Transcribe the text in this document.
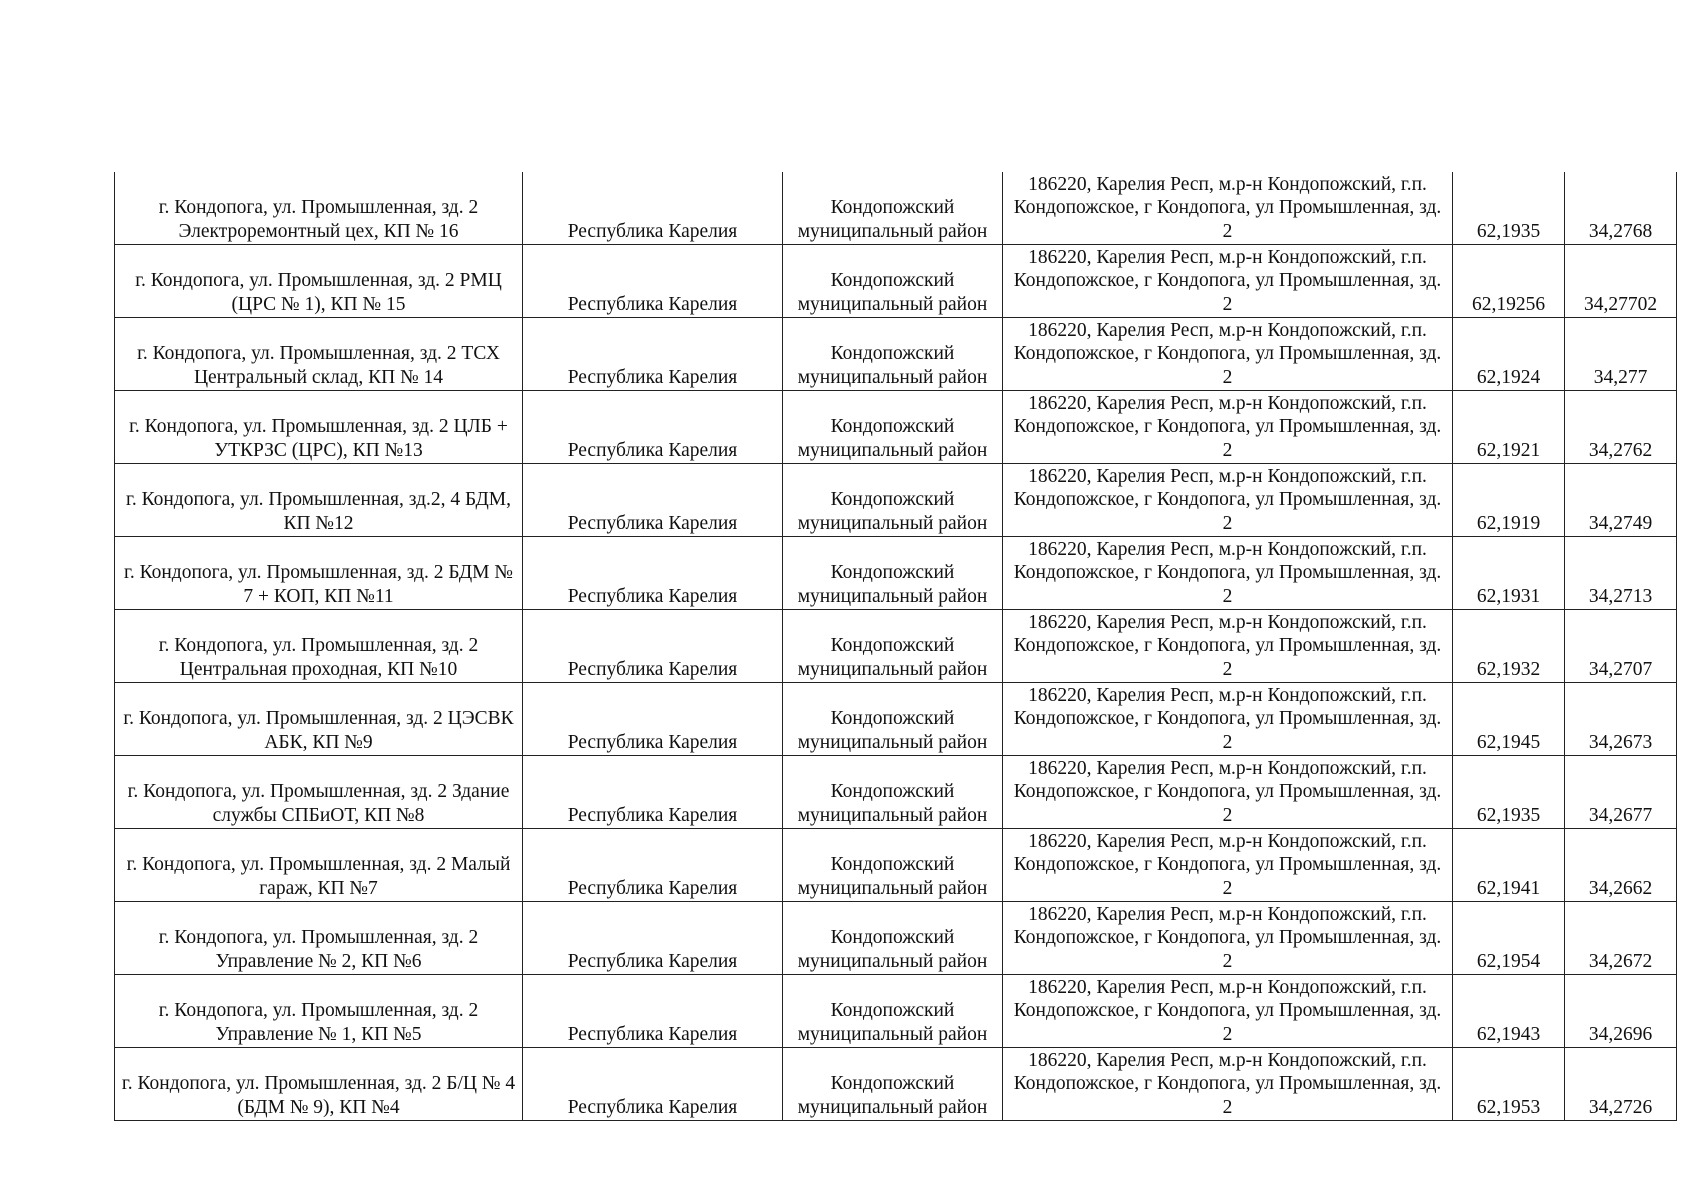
г. Кондопога, ул. Промышленная, зд. 2 Электроремонтный цех, КП № 16	Республика Карелия	Кондопожский муниципальный район	186220, Карелия Респ, м.р-н Кондопожский, г.п. Кондопожское, г Кондопога, ул Промышленная, зд. 2	62,1935	34,2768

г. Кондопога, ул. Промышленная, зд. 2 РМЦ (ЦРС № 1), КП № 15	Республика Карелия	Кондопожский муниципальный район	186220, Карелия Респ, м.р-н Кондопожский, г.п. Кондопожское, г Кондопога, ул Промышленная, зд. 2	62,19256	34,27702

г. Кондопога, ул. Промышленная, зд. 2 ТСХ Центральный склад, КП № 14	Республика Карелия	Кондопожский муниципальный район	186220, Карелия Респ, м.р-н Кондопожский, г.п. Кондопожское, г Кондопога, ул Промышленная, зд. 2	62,1924	34,277

г. Кондопога, ул. Промышленная, зд. 2 ЦЛБ + УТКРЗС (ЦРС), КП №13	Республика Карелия	Кондопожский муниципальный район	186220, Карелия Респ, м.р-н Кондопожский, г.п. Кондопожское, г Кондопога, ул Промышленная, зд. 2	62,1921	34,2762

г. Кондопога, ул. Промышленная, зд.2, 4 БДМ, КП №12	Республика Карелия	Кондопожский муниципальный район	186220, Карелия Респ, м.р-н Кондопожский, г.п. Кондопожское, г Кондопога, ул Промышленная, зд. 2	62,1919	34,2749

г. Кондопога, ул. Промышленная, зд. 2 БДМ № 7 + КОП, КП №11	Республика Карелия	Кондопожский муниципальный район	186220, Карелия Респ, м.р-н Кондопожский, г.п. Кондопожское, г Кондопога, ул Промышленная, зд. 2	62,1931	34,2713

г. Кондопога, ул. Промышленная, зд. 2 Центральная проходная, КП №10	Республика Карелия	Кондопожский муниципальный район	186220, Карелия Респ, м.р-н Кондопожский, г.п. Кондопожское, г Кондопога, ул Промышленная, зд. 2	62,1932	34,2707

г. Кондопога, ул. Промышленная, зд. 2 ЦЭСВК АБК, КП №9	Республика Карелия	Кондопожский муниципальный район	186220, Карелия Респ, м.р-н Кондопожский, г.п. Кондопожское, г Кондопога, ул Промышленная, зд. 2	62,1945	34,2673

г. Кондопога, ул. Промышленная, зд. 2 Здание службы СПБиОТ, КП №8	Республика Карелия	Кондопожский муниципальный район	186220, Карелия Респ, м.р-н Кондопожский, г.п. Кондопожское, г Кондопога, ул Промышленная, зд. 2	62,1935	34,2677

г. Кондопога, ул. Промышленная, зд. 2 Малый гараж, КП №7	Республика Карелия	Кондопожский муниципальный район	186220, Карелия Респ, м.р-н Кондопожский, г.п. Кондопожское, г Кондопога, ул Промышленная, зд. 2	62,1941	34,2662

г. Кондопога, ул. Промышленная, зд. 2 Управление № 2, КП №6	Республика Карелия	Кондопожский муниципальный район	186220, Карелия Респ, м.р-н Кондопожский, г.п. Кондопожское, г Кондопога, ул Промышленная, зд. 2	62,1954	34,2672

г. Кондопога, ул. Промышленная, зд. 2 Управление № 1, КП №5	Республика Карелия	Кондопожский муниципальный район	186220, Карелия Респ, м.р-н Кондопожский, г.п. Кондопожское, г Кондопога, ул Промышленная, зд. 2	62,1943	34,2696

г. Кондопога, ул. Промышленная, зд. 2 Б/Ц № 4 (БДМ № 9), КП №4	Республика Карелия	Кондопожский муниципальный район	186220, Карелия Респ, м.р-н Кондопожский, г.п. Кондопожское, г Кондопога, ул Промышленная, зд. 2	62,1953	34,2726
